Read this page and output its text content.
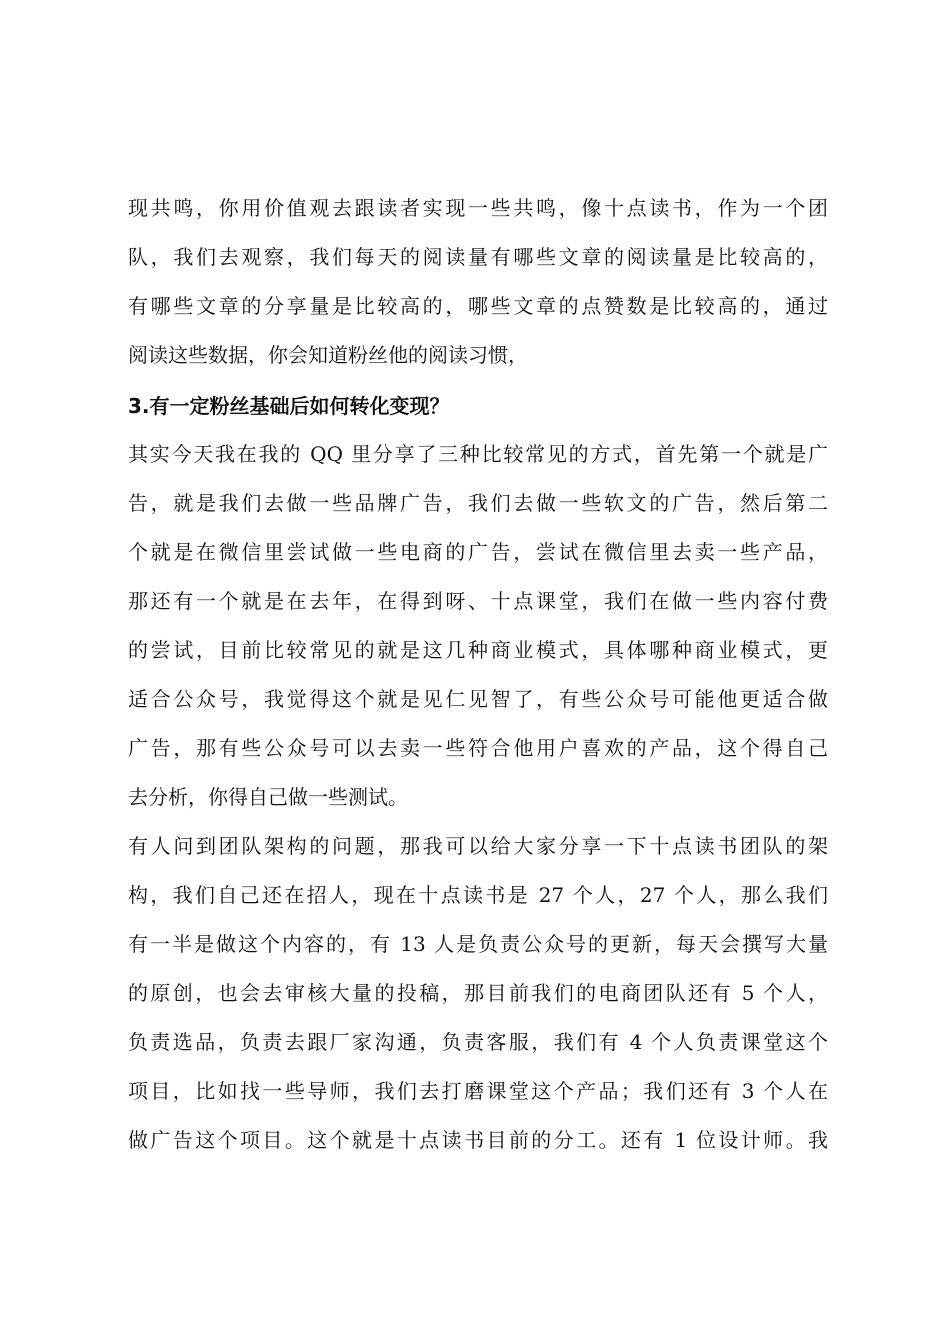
现共鸣，你用价值观去跟读者实现一些共鸣，像十点读书，作为一个团
队，我们去观察，我们每天的阅读量有哪些文章的阅读量是比较高的，
有哪些文章的分享量是比较高的，哪些文章的点赞数是比较高的，通过
阅读这些数据，你会知道粉丝他的阅读习惯，
3.有一定粉丝基础后如何转化变现？
其实今天我在我的 QQ 里分享了三种比较常见的方式，首先第一个就是广
告，就是我们去做一些品牌广告，我们去做一些软文的广告，然后第二
个就是在微信里尝试做一些电商的广告，尝试在微信里去卖一些产品，
那还有一个就是在去年，在得到呀、十点课堂，我们在做一些内容付费
的尝试，目前比较常见的就是这几种商业模式，具体哪种商业模式，更
适合公众号，我觉得这个就是见仁见智了，有些公众号可能他更适合做
广告，那有些公众号可以去卖一些符合他用户喜欢的产品，这个得自己
去分析，你得自己做一些测试。
有人问到团队架构的问题，那我可以给大家分享一下十点读书团队的架
构，我们自己还在招人，现在十点读书是 27 个人，27 个人，那么我们
有一半是做这个内容的，有 13 人是负责公众号的更新，每天会撰写大量
的原创，也会去审核大量的投稿，那目前我们的电商团队还有 5 个人，
负责选品，负责去跟厂家沟通，负责客服，我们有 4 个人负责课堂这个
项目，比如找一些导师，我们去打磨课堂这个产品；我们还有 3 个人在
做广告这个项目。这个就是十点读书目前的分工。还有 1 位设计师。我
